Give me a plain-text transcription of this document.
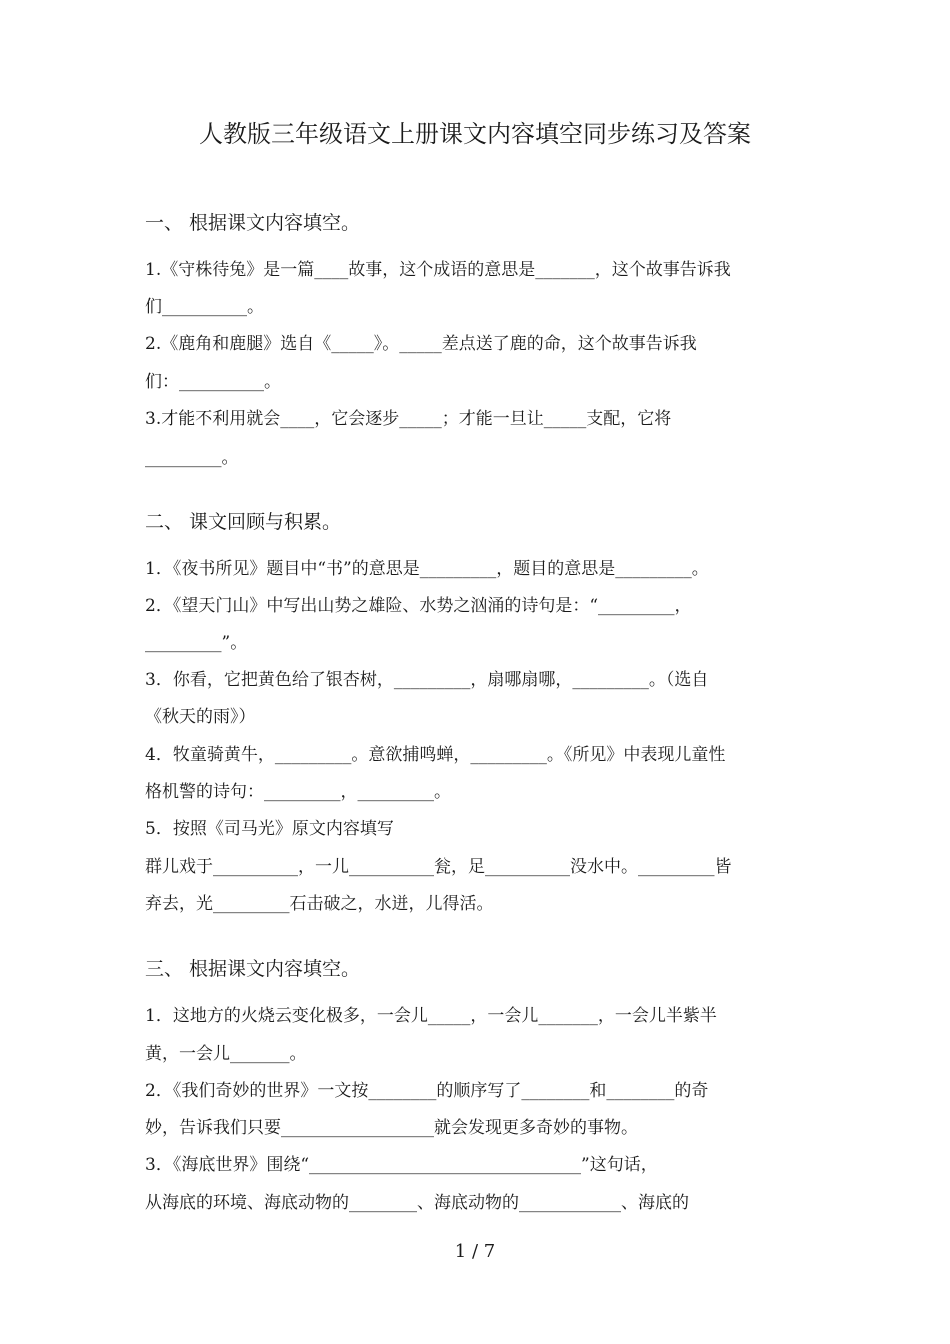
人教版三年级语文上册课文内容填空同步练习及答案
一、 根据课文内容填空。
1.《守株待兔》是一篇____故事，这个成语的意思是_______，这个故事告诉我
们__________。
2.《鹿角和鹿腿》选自《_____》。_____差点送了鹿的命，这个故事告诉我
们：__________。
3.才能不利用就会____，它会逐步_____；才能一旦让_____支配，它将
_________。
二、 课文回顾与积累。
1．《夜书所见》题目中“书”的意思是_________，题目的意思是_________。
2．《望天门山》中写出山势之雄险、水势之汹涌的诗句是：“_________，
_________”。
3．你看，它把黄色给了银杏树，_________，扇哪扇哪，_________。（选自
《秋天的雨》）
4．牧童骑黄牛，_________。意欲捕鸣蝉，_________。《所见》中表现儿童性
格机警的诗句：_________，_________。
5．按照《司马光》原文内容填写
群儿戏于__________，一儿__________瓮，足__________没水中。_________皆
弃去，光_________石击破之，水迸，儿得活。
三、 根据课文内容填空。
1．这地方的火烧云变化极多，一会儿_____，一会儿_______，一会儿半紫半
黄，一会儿_______。
2．《我们奇妙的世界》一文按________的顺序写了________和________的奇
妙，告诉我们只要__________________就会发现更多奇妙的事物。
3．《海底世界》围绕“________________________________”这句话，
从海底的环境、海底动物的________、海底动物的____________、海底的
1 / 7
